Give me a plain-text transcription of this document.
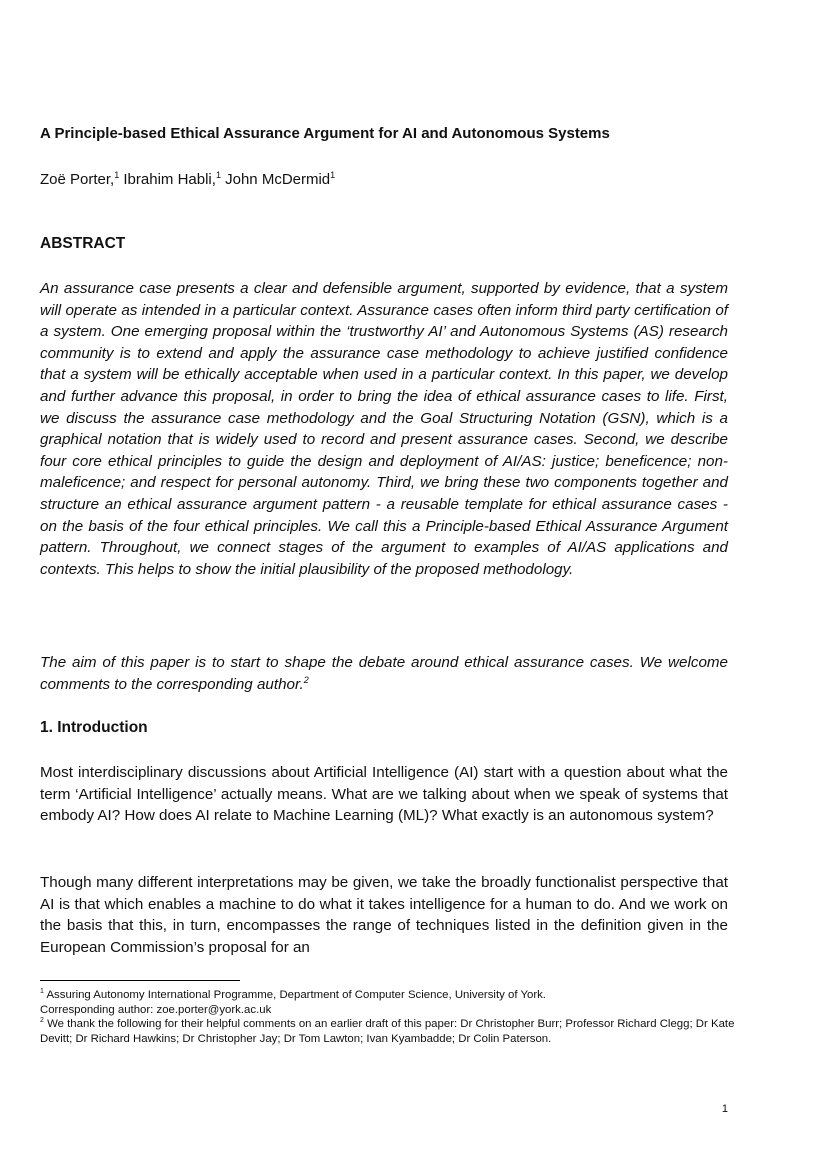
A Principle-based Ethical Assurance Argument for AI and Autonomous Systems
Zoë Porter,$^1$ Ibrahim Habli,$^1$ John McDermid$^1$
ABSTRACT

An assurance case presents a clear and defensible argument, supported by evidence, that a system will operate as intended in a particular context. Assurance cases often inform third party certification of a system. One emerging proposal within the ‘trustworthy AI’ and Autonomous Systems (AS) research community is to extend and apply the assurance case methodology to achieve justified confidence that a system will be ethically acceptable when used in a particular context. In this paper, we develop and further advance this proposal, in order to bring the idea of ethical assurance cases to life. First, we discuss the assurance case methodology and the Goal Structuring Notation (GSN), which is a graphical notation that is widely used to record and present assurance cases. Second, we describe four core ethical principles to guide the design and deployment of AI/AS: justice; beneficence; non-maleficence; and respect for personal autonomy. Third, we bring these two components together and structure an ethical assurance argument pattern - a reusable template for ethical assurance cases - on the basis of the four ethical principles. We call this a Principle-based Ethical Assurance Argument pattern. Throughout, we connect stages of the argument to examples of AI/AS applications and contexts. This helps to show the initial plausibility of the proposed methodology.

The aim of this paper is to start to shape the debate around ethical assurance cases. We welcome comments to the corresponding author.$^2$

1. Introduction

Most interdisciplinary discussions about Artificial Intelligence (AI) start with a question about what the term ‘Artificial Intelligence’ actually means. What are we talking about when we speak of systems that embody AI? How does AI relate to Machine Learning (ML)? What exactly is an autonomous system?

Though many different interpretations may be given, we take the broadly functionalist perspective that AI is that which enables a machine to do what it takes intelligence for a human to do. And we work on the basis that this, in turn, encompasses the range of techniques listed in the definition given in the European Commission’s proposal for an

$^1$ Assuring Autonomy International Programme, Department of Computer Science, University of York.
Corresponding author: zoe.porter@york.ac.uk

$^2$ We thank the following for their helpful comments on an earlier draft of this paper: Dr Christopher Burr; Professor Richard Clegg; Dr Kate Devitt; Dr Richard Hawkins; Dr Christopher Jay; Dr Tom Lawton; Ivan Kyambadde; Dr Colin Paterson.

1
